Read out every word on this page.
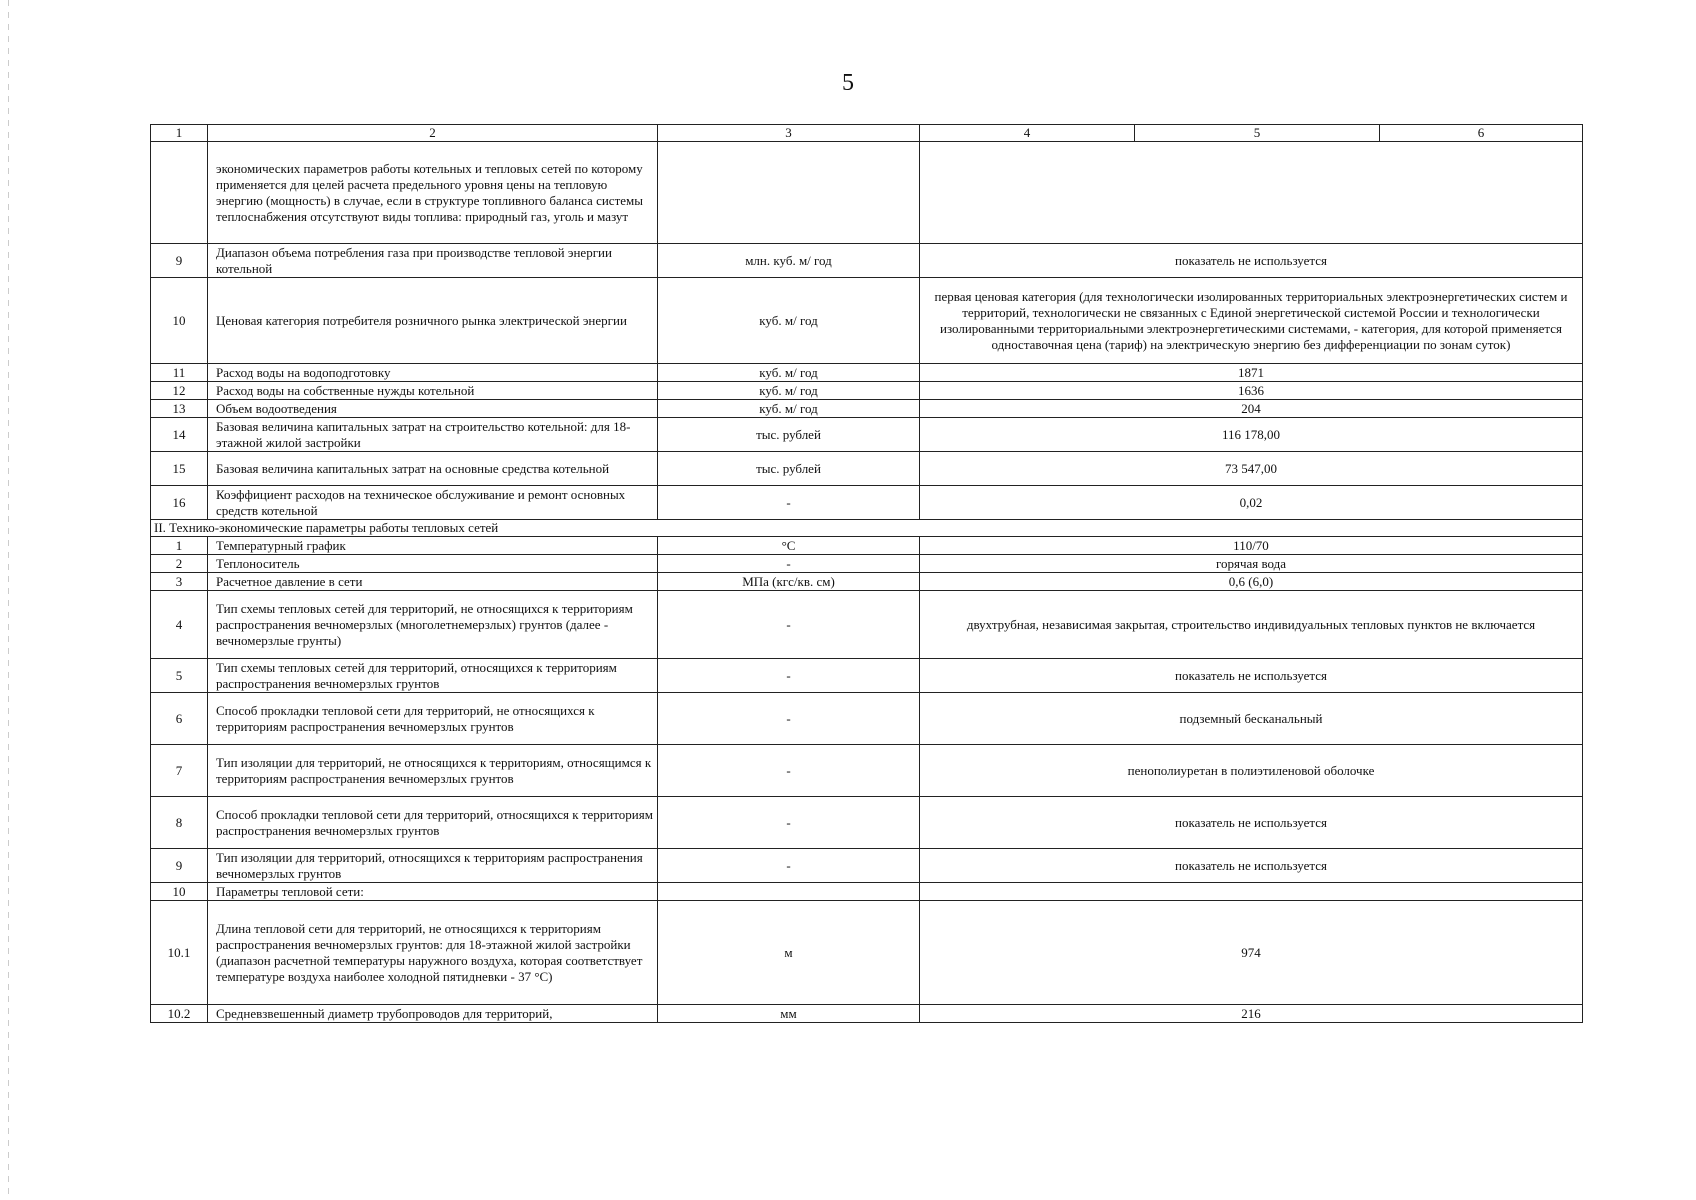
5
1	2	3	4	5	6
	экономических параметров работы котельных и тепловых сетей по которому применяется для целей расчета предельного уровня цены на тепловую энергию (мощность) в случае, если в структуре топливного баланса системы теплоснабжения отсутствуют виды топлива: природный газ, уголь и мазут				
9	Диапазон объема потребления газа при производстве тепловой энергии котельной	млн. куб. м/ год	показатель не используется		
10	Ценовая категория потребителя розничного рынка электрической энергии	куб. м/ год	первая ценовая категория (для технологически изолированных территориальных электроэнергетических систем и территорий, технологически не связанных с Единой энергетической системой России и технологически изолированными территориальными электроэнергетическими системами, - категория, для которой применяется одноставочная цена (тариф) на электрическую энергию без дифференциации по зонам суток)		
11	Расход воды на водоподготовку	куб. м/ год	1871		
12	Расход воды на собственные нужды котельной	куб. м/ год	1636		
13	Объем водоотведения	куб. м/ год	204		
14	Базовая величина капитальных затрат на строительство котельной: для 18-этажной жилой застройки	тыс. рублей	116 178,00		
15	Базовая величина капитальных затрат на основные средства котельной	тыс. рублей	73 547,00		
16	Коэффициент расходов на техническое обслуживание и ремонт основных средств котельной	-	0,02		
II. Технико-экономические параметры работы тепловых сетей					
1	Температурный график	°С	110/70		
2	Теплоноситель	-	горячая вода		
3	Расчетное давление в сети	МПа (кгс/кв. см)	0,6 (6,0)		
4	Тип схемы тепловых сетей для территорий, не относящихся к территориям распространения вечномерзлых (многолетнемерзлых) грунтов (далее - вечномерзлые грунты)	-	двухтрубная, независимая закрытая, строительство индивидуальных тепловых пунктов не включается		
5	Тип схемы тепловых сетей для территорий, относящихся к территориям распространения вечномерзлых грунтов	-	показатель не используется		
6	Способ прокладки тепловой сети для территорий, не относящихся к территориям распространения вечномерзлых грунтов	-	подземный бесканальный		
7	Тип изоляции для территорий, не относящихся к территориям, относящимся к территориям распространения вечномерзлых грунтов	-	пенополиуретан в полиэтиленовой оболочке		
8	Способ прокладки тепловой сети для территорий, относящихся к территориям распространения вечномерзлых грунтов	-	показатель не используется		
9	Тип изоляции для территорий, относящихся к территориям распространения вечномерзлых грунтов	-	показатель не используется		
10	Параметры тепловой сети:				
10.1	Длина тепловой сети для территорий, не относящихся к территориям распространения вечномерзлых грунтов: для 18-этажной жилой застройки (диапазон расчетной температуры наружного воздуха, которая соответствует температуре воздуха наиболее холодной пятидневки - 37 °С)	м	974		
10.2	Средневзвешенный диаметр трубопроводов для территорий,	мм	216		
